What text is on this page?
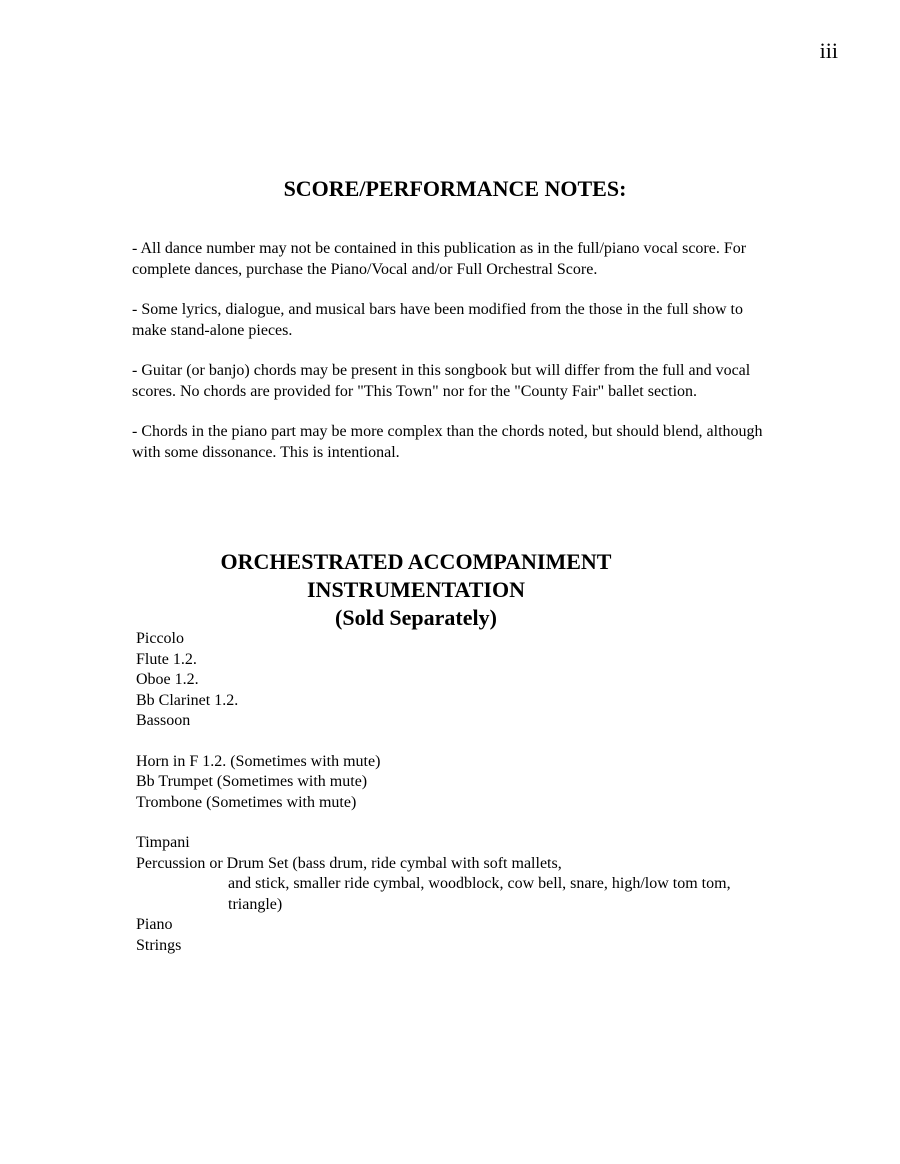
iii
SCORE/PERFORMANCE NOTES:

- All dance number may not be contained in this publication as in the full/piano vocal score. For complete dances, purchase the Piano/Vocal and/or Full Orchestral Score.

- Some lyrics, dialogue, and musical bars have been modified from the those in the full show to make stand-alone pieces.

- Guitar (or banjo) chords may be present in this songbook but will differ from the full and vocal scores. No chords are provided for "This Town" nor for the "County Fair" ballet section.

- Chords in the piano part may be more complex than the chords noted, but should blend, although with some dissonance. This is intentional.

ORCHESTRATED ACCOMPANIMENT
INSTRUMENTATION
(Sold Separately)
Piccolo
Flute 1.2.
Oboe 1.2.
Bb Clarinet 1.2.
Bassoon
Horn in F 1.2. (Sometimes with mute)
Bb Trumpet (Sometimes with mute)
Trombone (Sometimes with mute)
Timpani
Percussion or Drum Set (bass drum, ride cymbal with soft mallets,
and stick, smaller ride cymbal, woodblock, cow bell, snare, high/low tom tom,
triangle)
Piano
Strings
